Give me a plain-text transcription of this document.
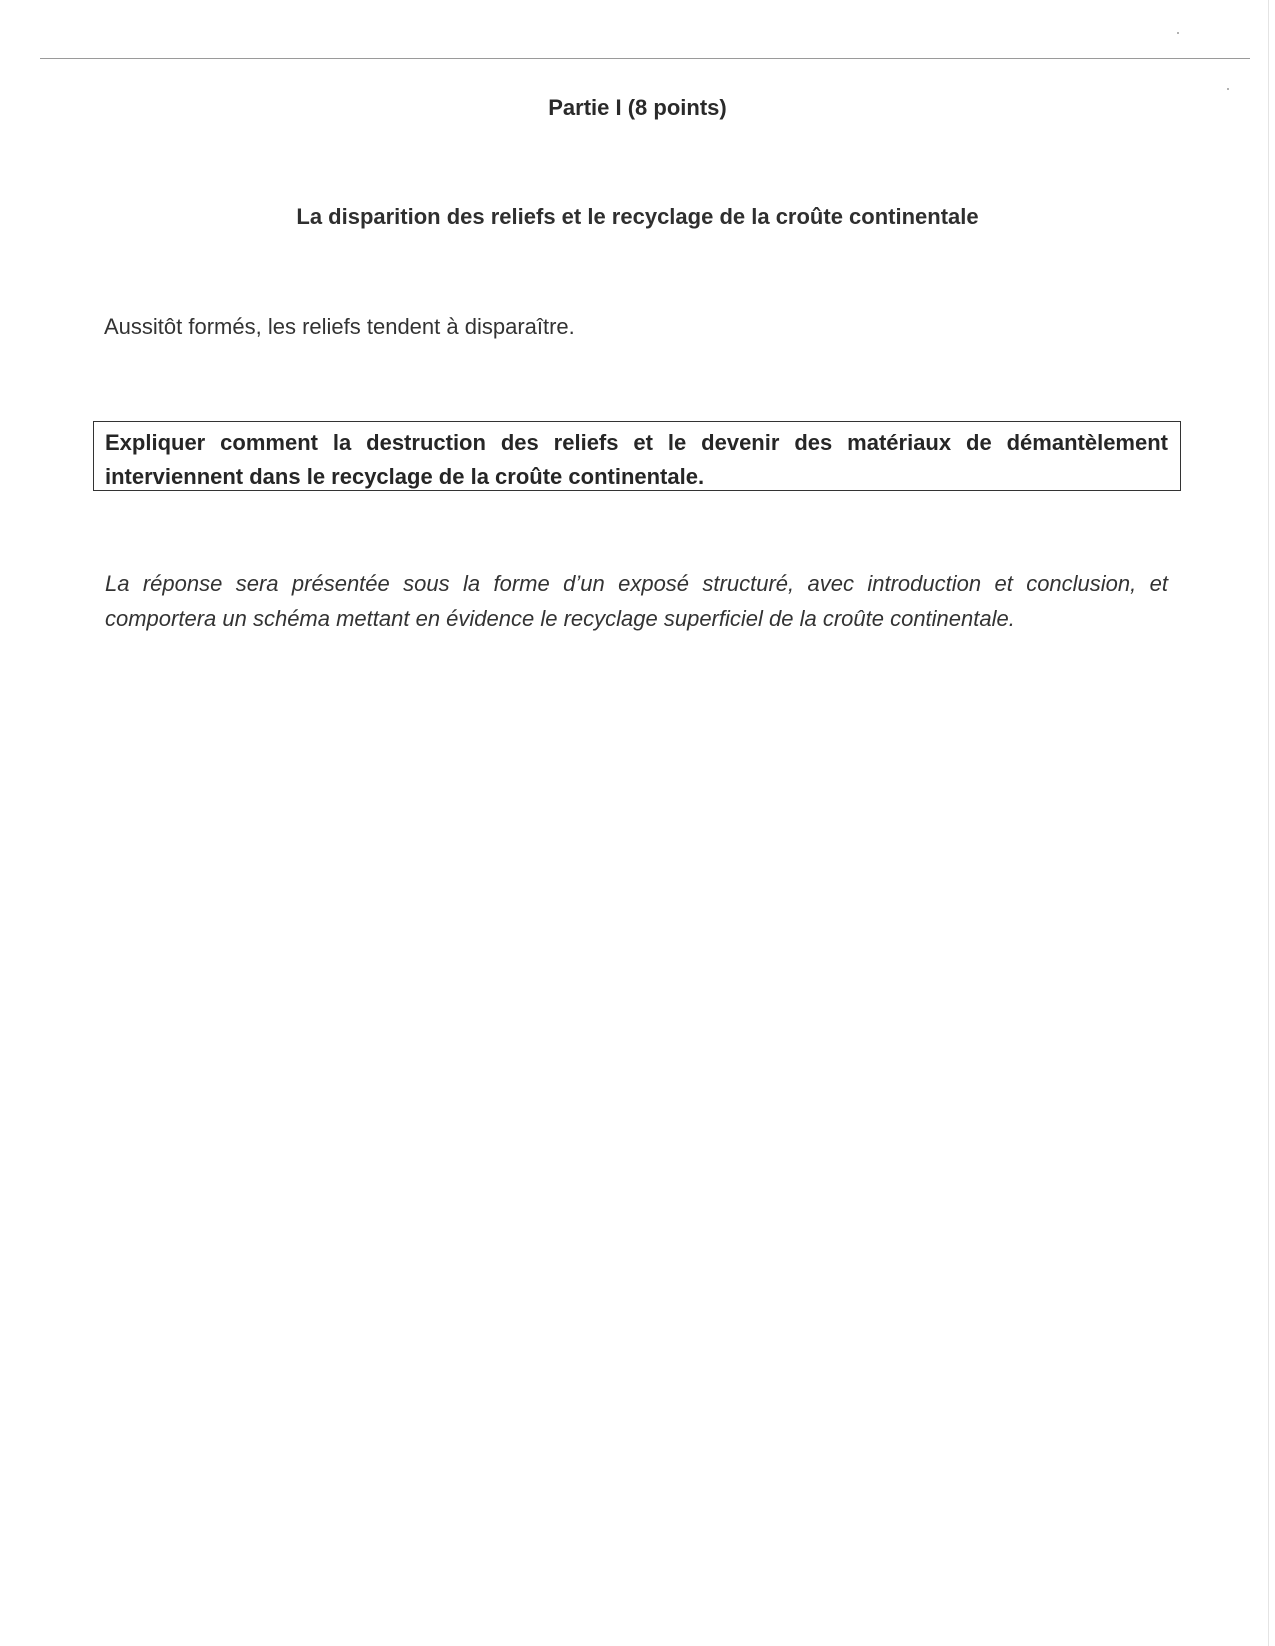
Partie I (8 points)
La disparition des reliefs et le recyclage de la croûte continentale
Aussitôt formés, les reliefs tendent à disparaître.

Expliquer comment la destruction des reliefs et le devenir des matériaux de démantèlement interviennent dans le recyclage de la croûte continentale.

La réponse sera présentée sous la forme d’un exposé structuré, avec introduction et conclusion, et comportera un schéma mettant en évidence le recyclage superficiel de la croûte continentale.
